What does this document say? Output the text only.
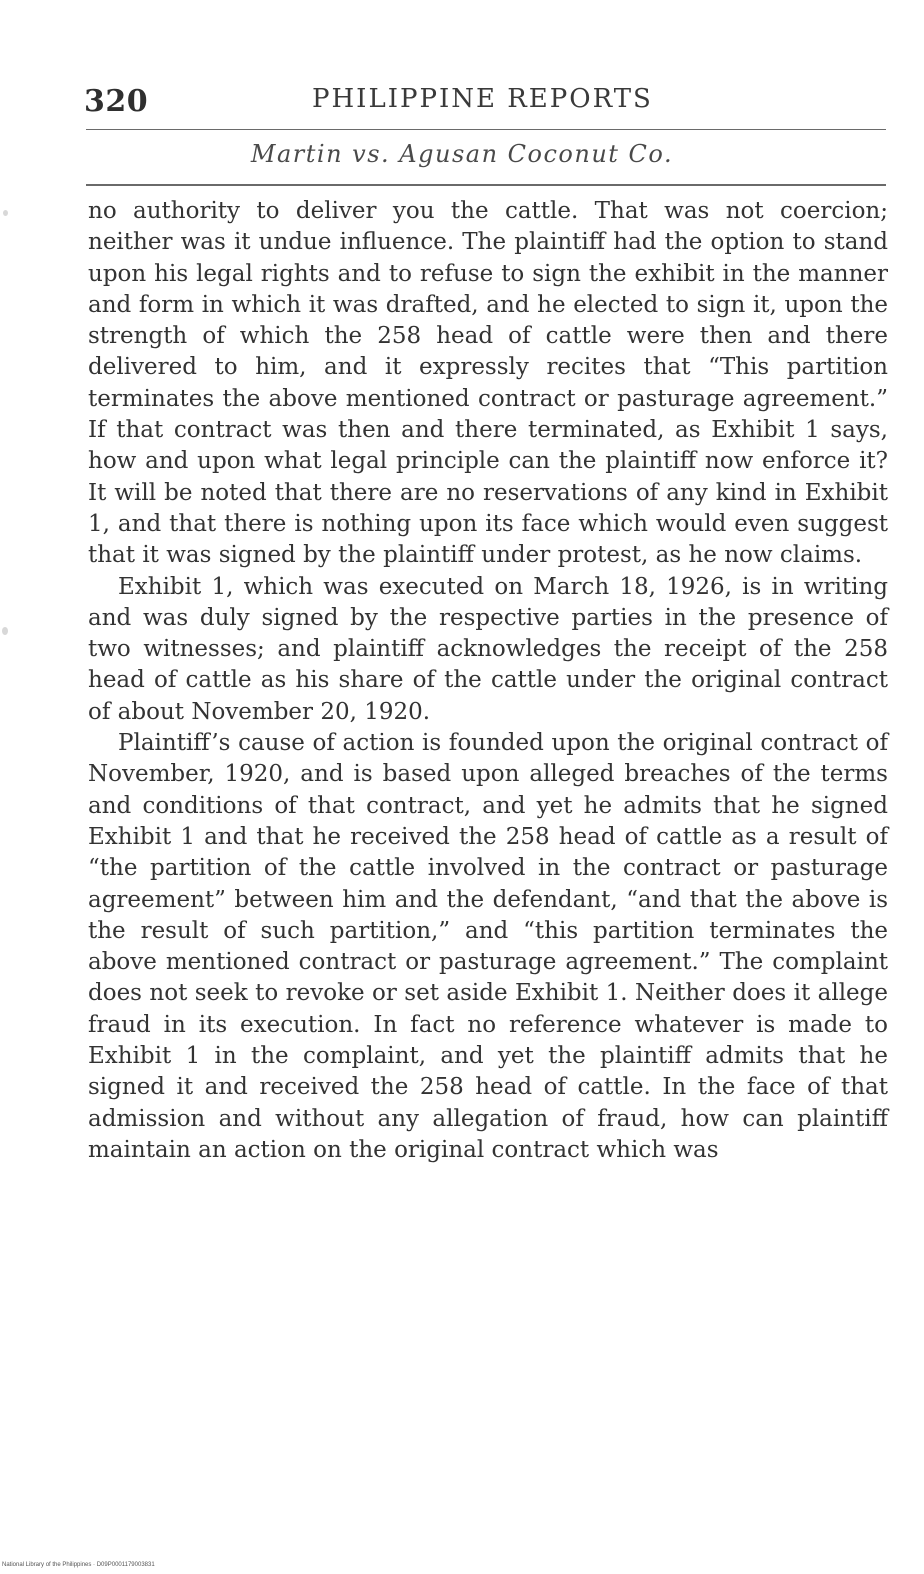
320	PHILIPPINE REPORTS
Martin vs. Agusan Coconut Co.

no authority to deliver you the cattle. That was not coercion; neither was it undue influence. The plaintiff had the option to stand upon his legal rights and to refuse to sign the exhibit in the manner and form in which it was drafted, and he elected to sign it, upon the strength of which the 258 head of cattle were then and there delivered to him, and it expressly recites that “This partition terminates the above mentioned contract or pasturage agreement.” If that contract was then and there terminated, as Exhibit 1 says, how and upon what legal principle can the plaintiff now enforce it? It will be noted that there are no reservations of any kind in Exhibit 1, and that there is nothing upon its face which would even suggest that it was signed by the plaintiff under protest, as he now claims.

Exhibit 1, which was executed on March 18, 1926, is in writing and was duly signed by the respective parties in the presence of two witnesses; and plaintiff acknowledges the receipt of the 258 head of cattle as his share of the cattle under the original contract of about November 20, 1920.

Plaintiff’s cause of action is founded upon the original contract of November, 1920, and is based upon alleged breaches of the terms and conditions of that contract, and yet he admits that he signed Exhibit 1 and that he received the 258 head of cattle as a result of “the partition of the cattle involved in the contract or pasturage agreement” between him and the defendant, “and that the above is the result of such partition,” and “this partition terminates the above mentioned contract or pasturage agreement.” The complaint does not seek to revoke or set aside Exhibit 1. Neither does it allege fraud in its execution. In fact no reference whatever is made to Exhibit 1 in the complaint, and yet the plaintiff admits that he signed it and received the 258 head of cattle. In the face of that admission and without any allegation of fraud, how can plaintiff maintain an action on the original contract which was

National Library of the Philippines · D09P0001179003831
